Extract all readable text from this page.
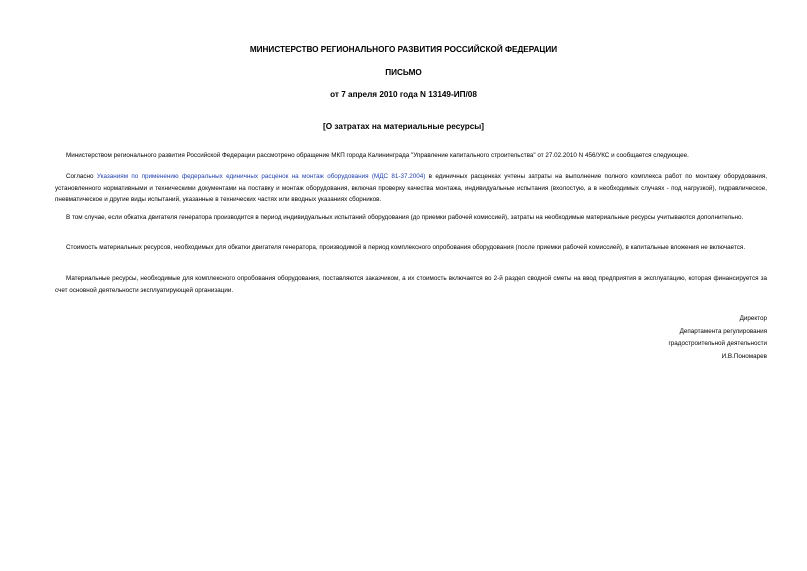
МИНИСТЕРСТВО РЕГИОНАЛЬНОГО РАЗВИТИЯ РОССИЙСКОЙ ФЕДЕРАЦИИ
ПИСЬМО
от 7 апреля 2010 года N 13149-ИП/08
[О затратах на материальные ресурсы]

Министерством регионального развития Российской Федерации рассмотрено обращение МКП города Калининграда "Управление капитального строительства" от 27.02.2010 N 456/УКС и сообщается следующее.

Согласно Указаниям по применению федеральных единичных расценок на монтаж оборудования (МДС 81-37.2004) в единичных расценках учтены затраты на выполнение полного комплекса работ по монтажу оборудования, установленного нормативными и техническими документами на поставку и монтаж оборудования, включая проверку качества монтажа, индивидуальные испытания (вхолостую, а в необходимых случаях - под нагрузкой), гидравлическое, пневматическое и другие виды испытаний, указанные в технических частях или вводных указаниях сборников.

В том случае, если обкатка двигателя генератора производится в период индивидуальных испытаний оборудования (до приемки рабочей комиссией), затраты на необходимые материальные ресурсы учитываются дополнительно.

Стоимость материальных ресурсов, необходимых для обкатки двигателя генератора, производимой в период комплексного опробования оборудования (после приемки рабочей комиссией), в капитальные вложения не включается.

Материальные ресурсы, необходимые для комплексного опробования оборудования, поставляются заказчиком, а их стоимость включается во 2-й раздел сводной сметы на ввод предприятия в эксплуатацию, которая финансируется за счет основной деятельности эксплуатирующей организации.

Директор
Департамента регулирования
градостроительной деятельности
И.В.Пономарев
